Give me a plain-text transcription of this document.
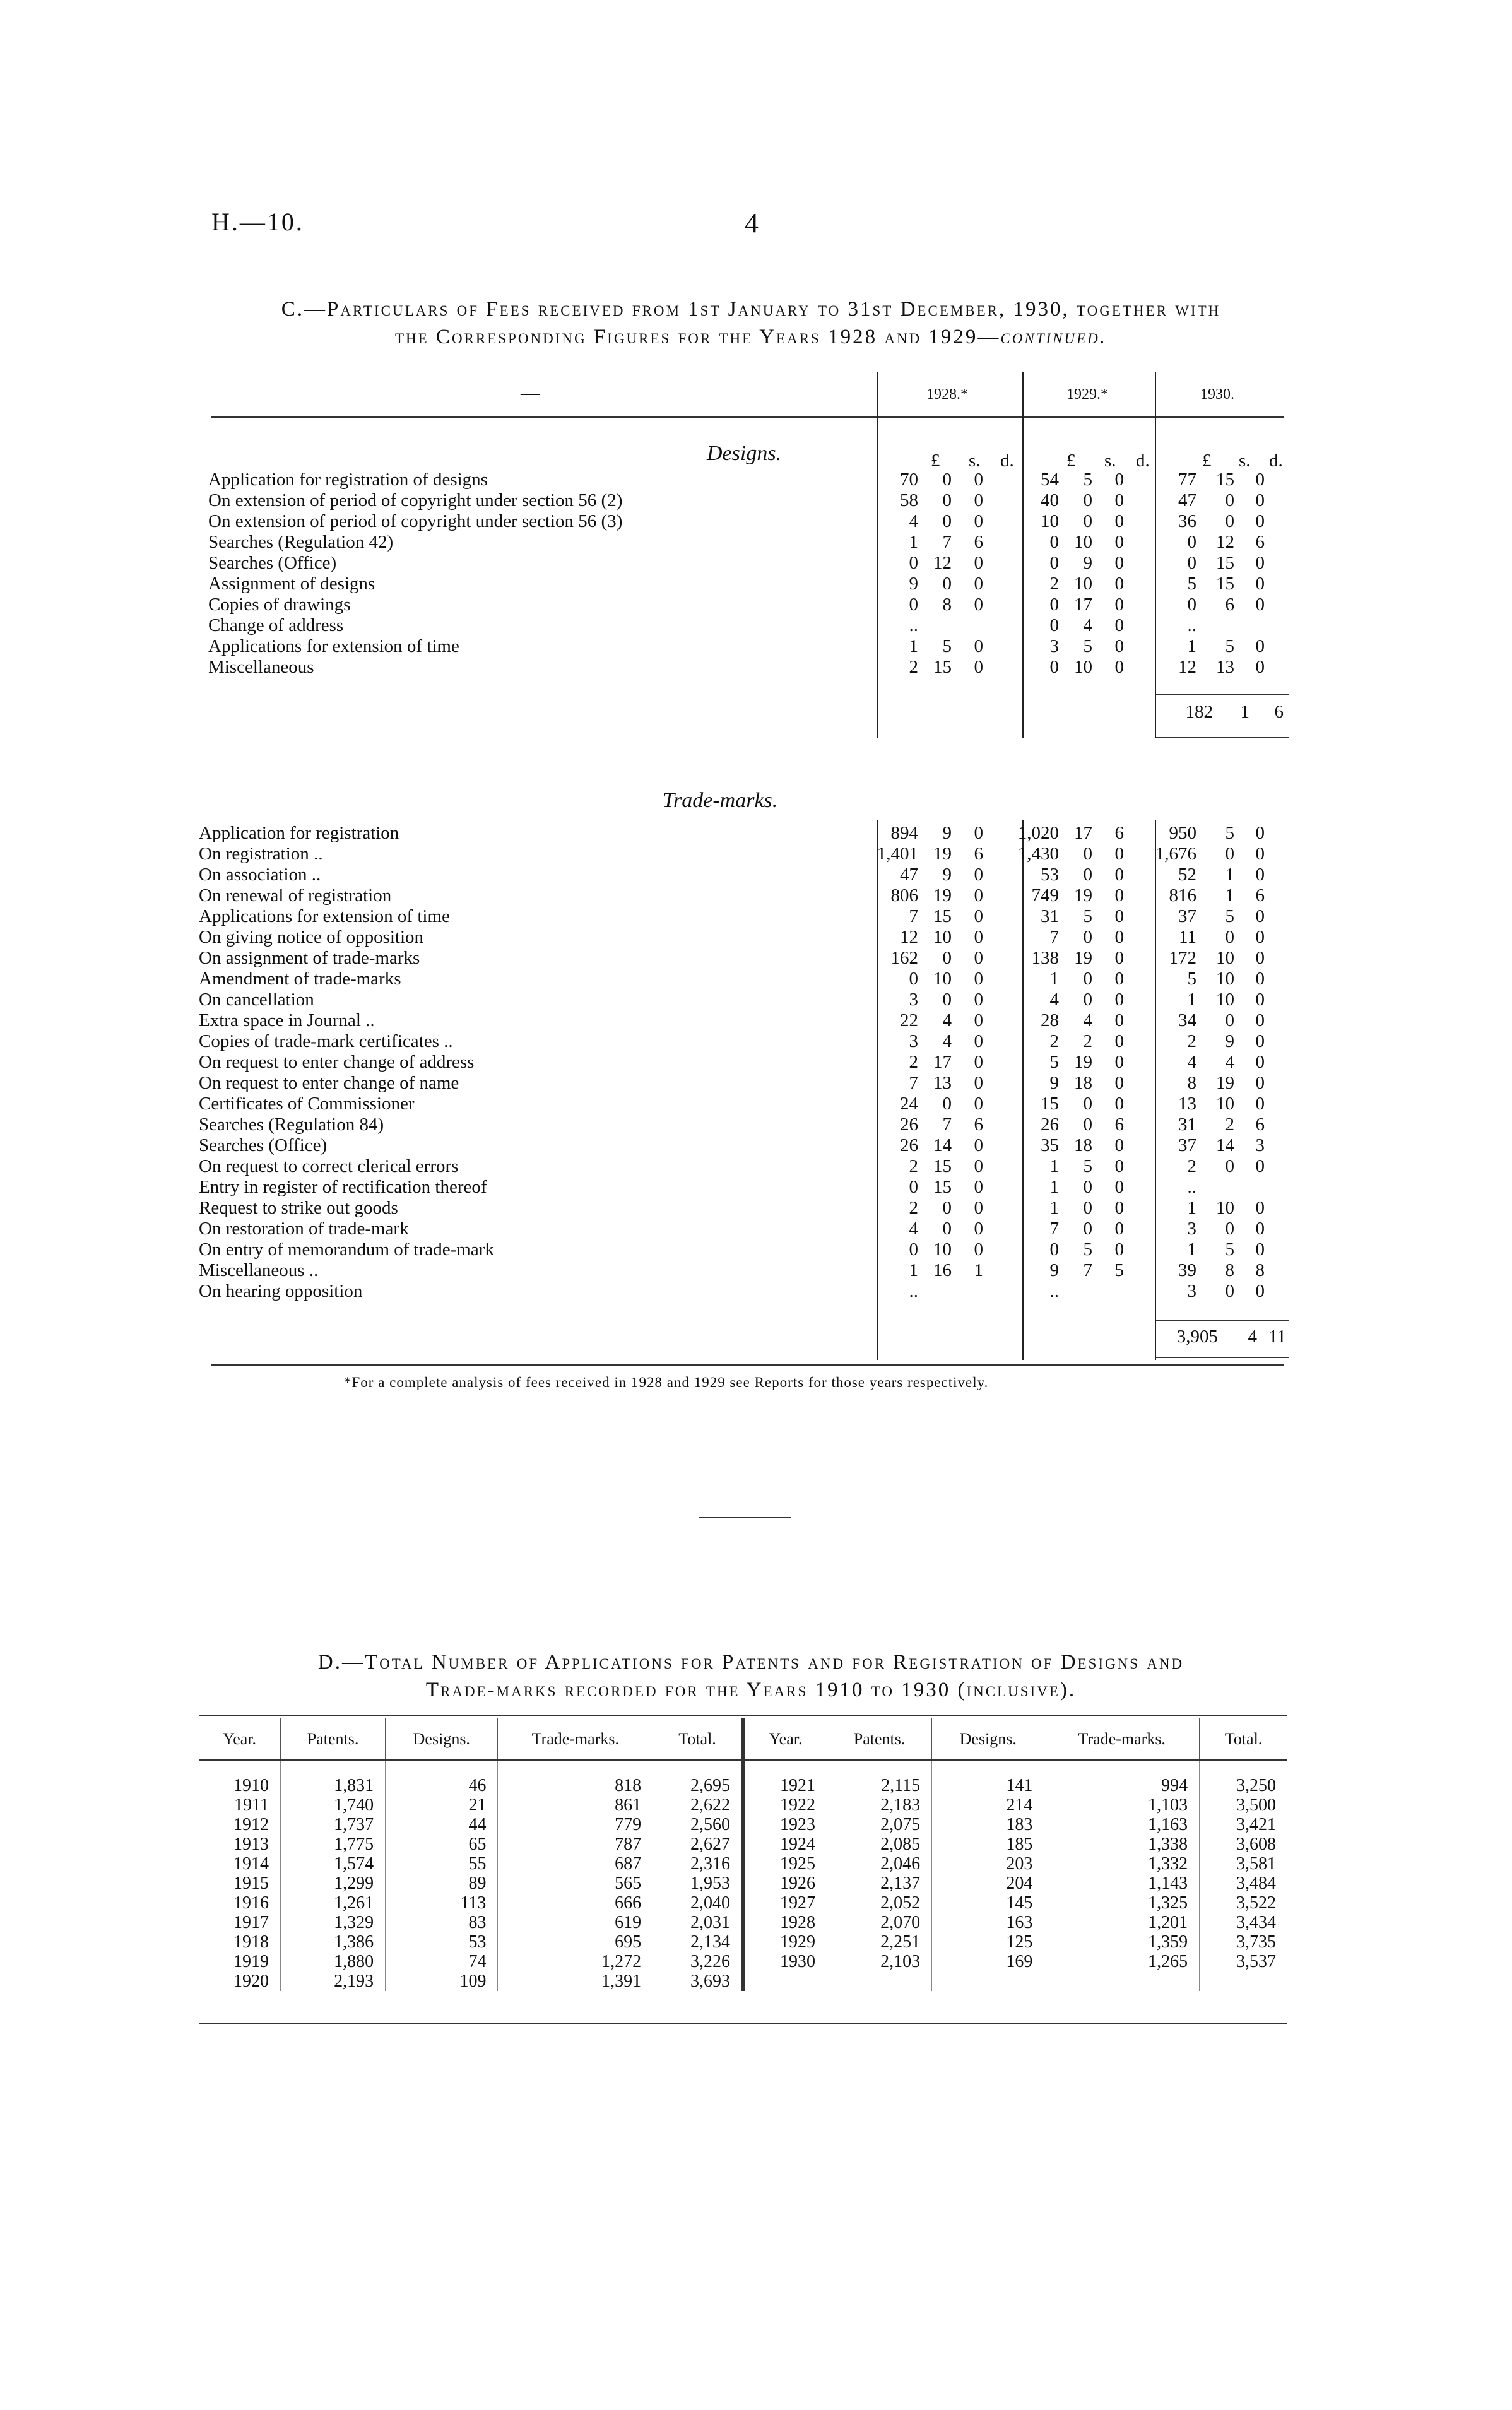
H.—10.	4
C.—Particulars of Fees received from 1st January to 31st December, 1930, together with
the Corresponding Figures for the Years 1928 and 1929—continued.
—	1928.*	1929.*	1930.
Designs.	£ s. d.	£ s. d.	£ s. d.
Application for registration of designs	70	0	0	54	5	0	77	15	0
On extension of period of copyright under section 56 (2)	58	0	0	40	0	0	47	0	0
On extension of period of copyright under section 56 (3)	4	0	0	10	0	0	36	0	0
Searches (Regulation 42)	1	7	6	0	10	0	0	12	6
Searches (Office)	0	12	0	0	9	0	0	15	0
Assignment of designs	9	0	0	2	10	0	5	15	0
Copies of drawings	0	8	0	0	17	0	0	6	0
Change of address	..			0	4	0	..		
Applications for extension of time	1	5	0	3	5	0	1	5	0
Miscellaneous	2	15	0	0	10	0	12	13	0
182 1 6
Trade-marks.
Application for registration	894	9	0	1,020	17	6	950	5	0
On registration ..	1,401	19	6	1,430	0	0	1,676	0	0
On association ..	47	9	0	53	0	0	52	1	0
On renewal of registration	806	19	0	749	19	0	816	1	6
Applications for extension of time	7	15	0	31	5	0	37	5	0
On giving notice of opposition	12	10	0	7	0	0	11	0	0
On assignment of trade-marks	162	0	0	138	19	0	172	10	0
Amendment of trade-marks	0	10	0	1	0	0	5	10	0
On cancellation	3	0	0	4	0	0	1	10	0
Extra space in Journal ..	22	4	0	28	4	0	34	0	0
Copies of trade-mark certificates ..	3	4	0	2	2	0	2	9	0
On request to enter change of address	2	17	0	5	19	0	4	4	0
On request to enter change of name	7	13	0	9	18	0	8	19	0
Certificates of Commissioner	24	0	0	15	0	0	13	10	0
Searches (Regulation 84)	26	7	6	26	0	6	31	2	6
Searches (Office)	26	14	0	35	18	0	37	14	3
On request to correct clerical errors	2	15	0	1	5	0	2	0	0
Entry in register of rectification thereof	0	15	0	1	0	0	..		
Request to strike out goods	2	0	0	1	0	0	1	10	0
On restoration of trade-mark	4	0	0	7	0	0	3	0	0
On entry of memorandum of trade-mark	0	10	0	0	5	0	1	5	0
Miscellaneous ..	1	16	1	9	7	5	39	8	8
On hearing opposition	..			..			3	0	0
3,905 4 11
*For a complete analysis of fees received in 1928 and 1929 see Reports for those years respectively.
D.—Total Number of Applications for Patents and for Registration of Designs and
Trade-marks recorded for the Years 1910 to 1930 (inclusive).
Year.	Patents.	Designs.	Trade-marks.	Total.	Year.	Patents.	Designs.	Trade-marks.	Total.
1910	1,831	46	818	2,695	1921	2,115	141	994	3,250
1911	1,740	21	861	2,622	1922	2,183	214	1,103	3,500
1912	1,737	44	779	2,560	1923	2,075	183	1,163	3,421
1913	1,775	65	787	2,627	1924	2,085	185	1,338	3,608
1914	1,574	55	687	2,316	1925	2,046	203	1,332	3,581
1915	1,299	89	565	1,953	1926	2,137	204	1,143	3,484
1916	1,261	113	666	2,040	1927	2,052	145	1,325	3,522
1917	1,329	83	619	2,031	1928	2,070	163	1,201	3,434
1918	1,386	53	695	2,134	1929	2,251	125	1,359	3,735
1919	1,880	74	1,272	3,226	1930	2,103	169	1,265	3,537
1920	2,193	109	1,391	3,693					
